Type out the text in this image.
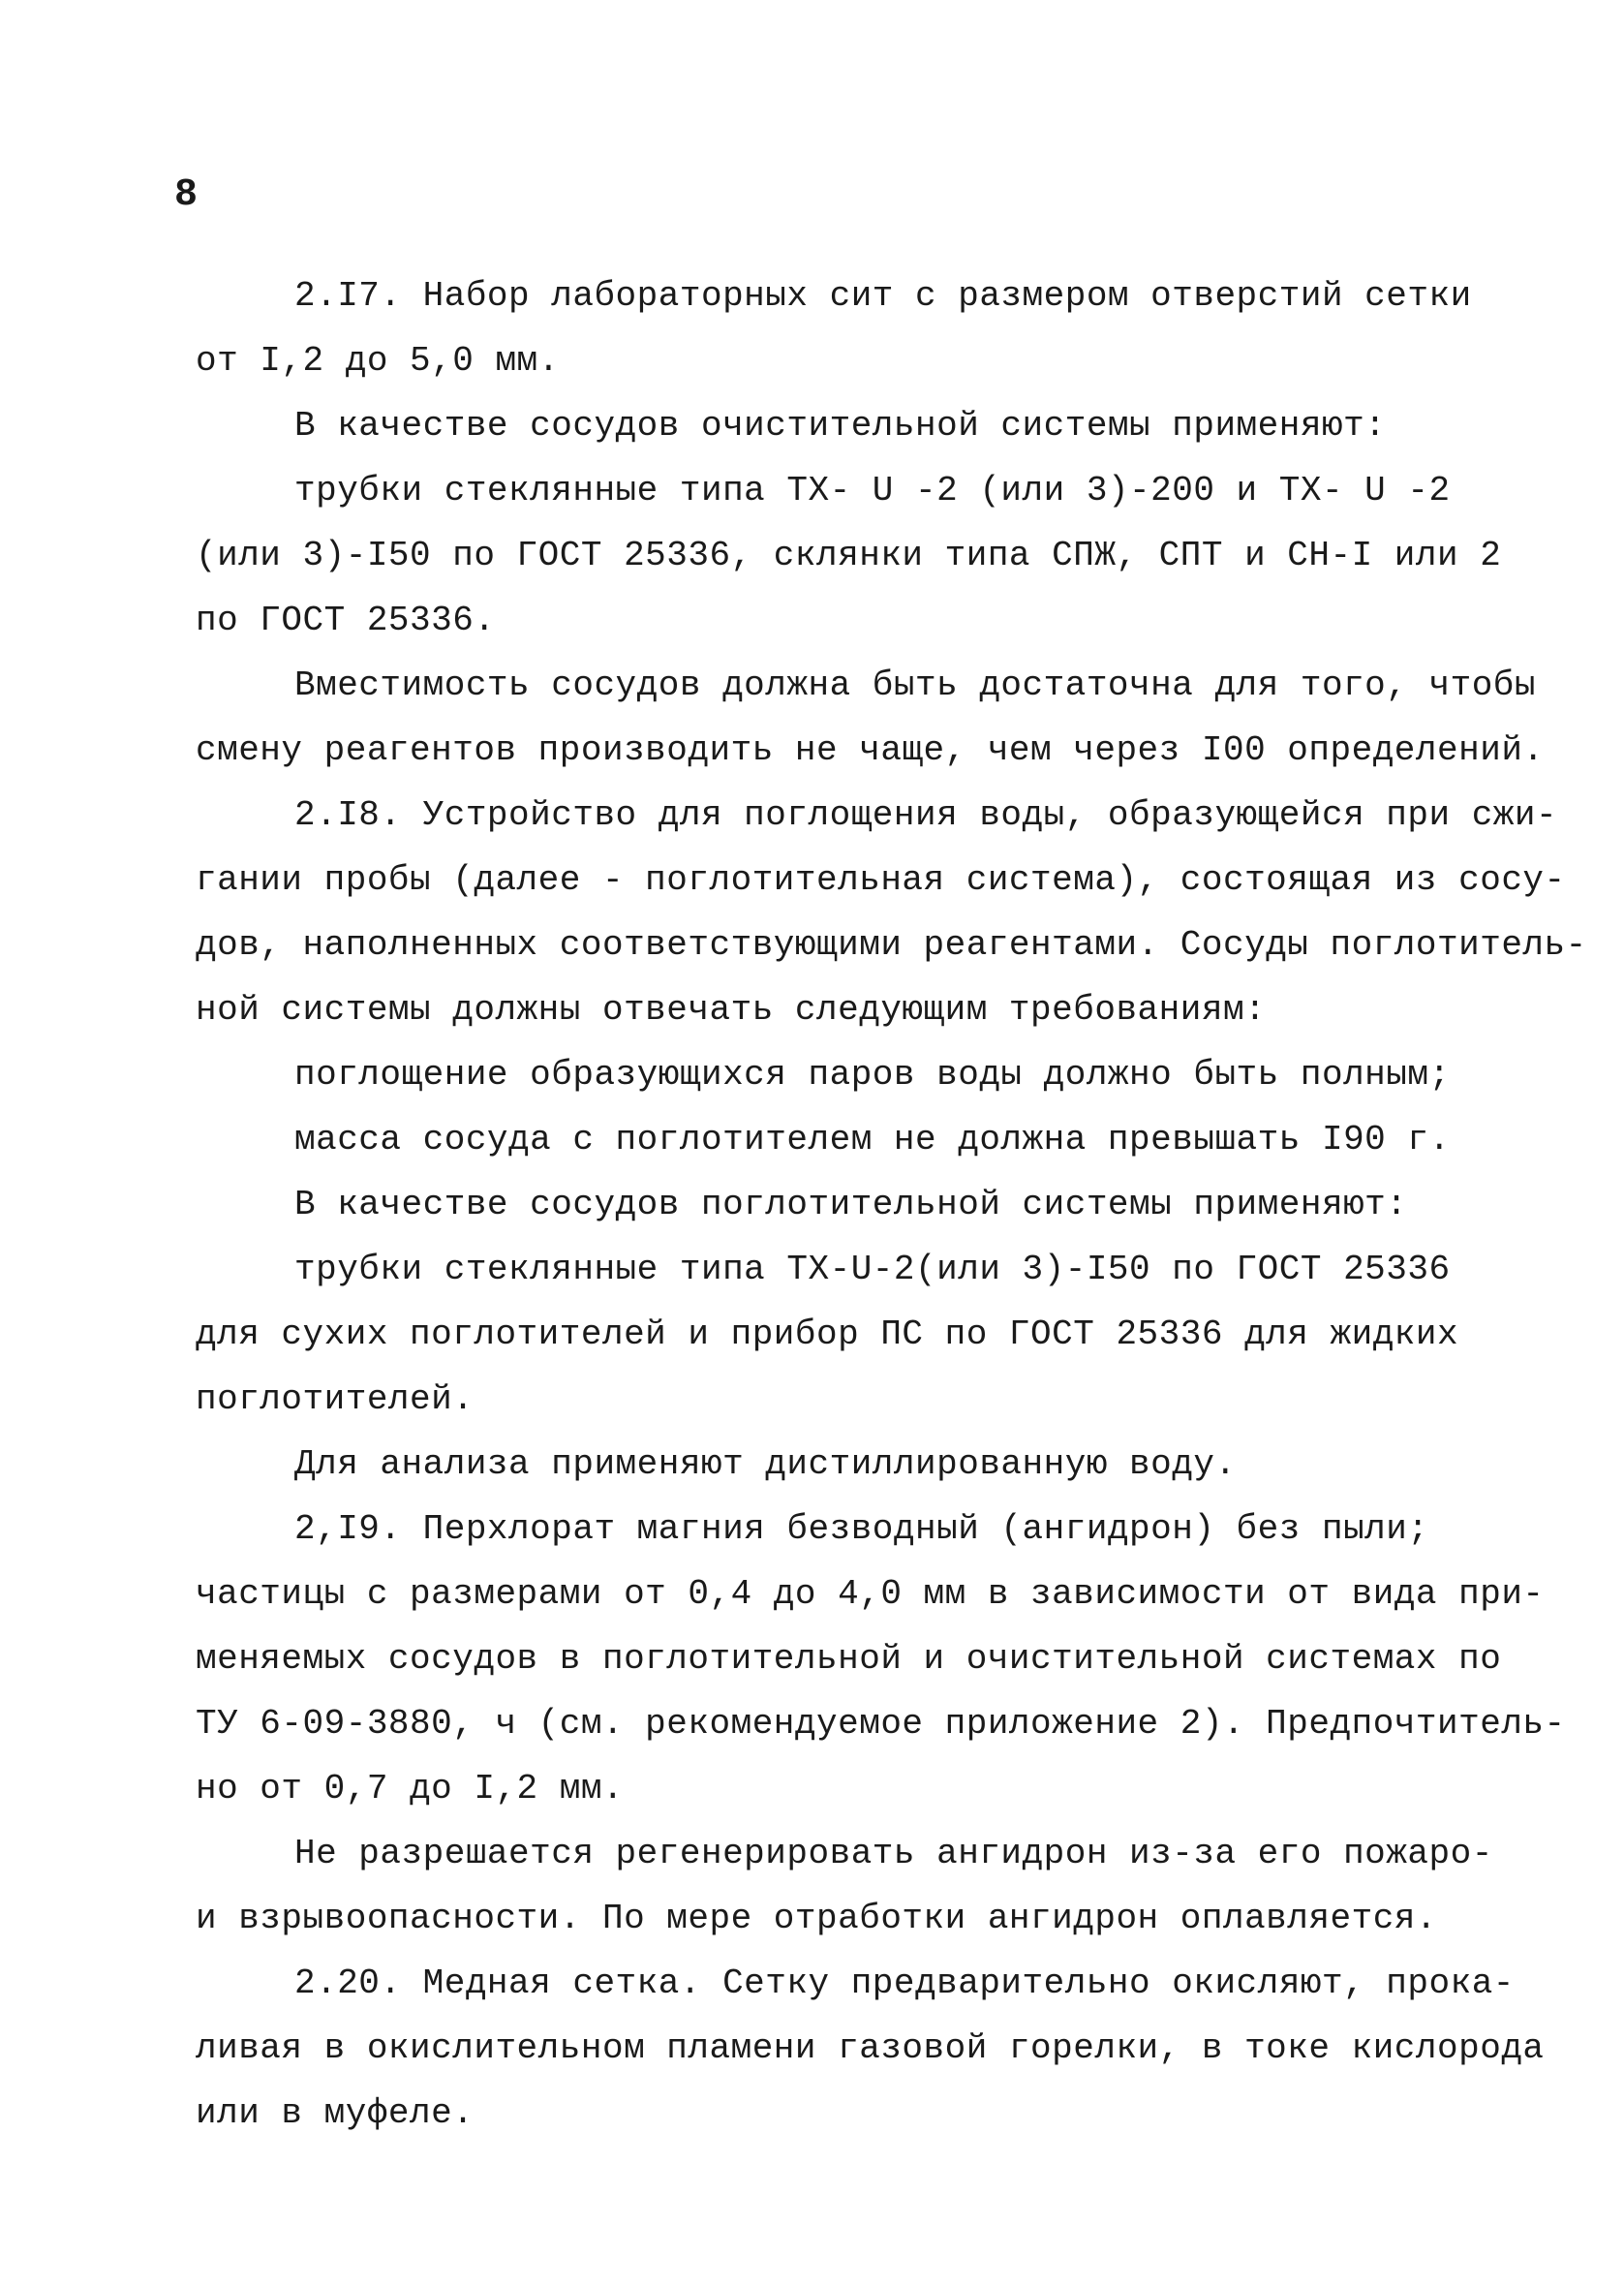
8
2.I7. Набор лабораторных сит с размером отверстий сетки
от I,2 до 5,0 мм.
В качестве сосудов очистительной системы применяют:
трубки стеклянные типа ТХ- U -2 (или 3)-200 и ТХ- U -2
(или 3)-I50 по ГОСТ 25336, склянки типа СПЖ, СПТ и СН-I или 2
по ГОСТ 25336.
Вместимость сосудов должна быть достаточна для того, чтобы
смену реагентов производить не чаще, чем через I00 определений.
2.I8. Устройство для поглощения воды, образующейся при сжи-
гании пробы (далее - поглотительная система), состоящая из сосу-
дов, наполненных соответствующими реагентами. Сосуды поглотитель-
ной системы должны отвечать следующим требованиям:
поглощение образующихся паров воды должно быть полным;
масса сосуда с поглотителем не должна превышать I90 г.
В качестве сосудов поглотительной системы применяют:
трубки стеклянные типа ТХ-U-2(или 3)-I50 по ГОСТ 25336
для сухих поглотителей и прибор ПС по ГОСТ 25336 для жидких
поглотителей.
Для анализа применяют дистиллированную воду.
2,I9. Перхлорат магния безводный (ангидрон) без пыли;
частицы с размерами от 0,4 до 4,0 мм в зависимости от вида при-
меняемых сосудов в поглотительной и очистительной системах по
ТУ 6-09-3880, ч (см. рекомендуемое приложение 2). Предпочтитель-
но от 0,7 до I,2 мм.
Не разрешается регенерировать ангидрон из-за его пожаро-
и взрывоопасности. По мере отработки ангидрон оплавляется.
2.20. Медная сетка. Сетку предварительно окисляют, прока-
ливая в окислительном пламени газовой горелки, в токе кислорода
или в муфеле.
